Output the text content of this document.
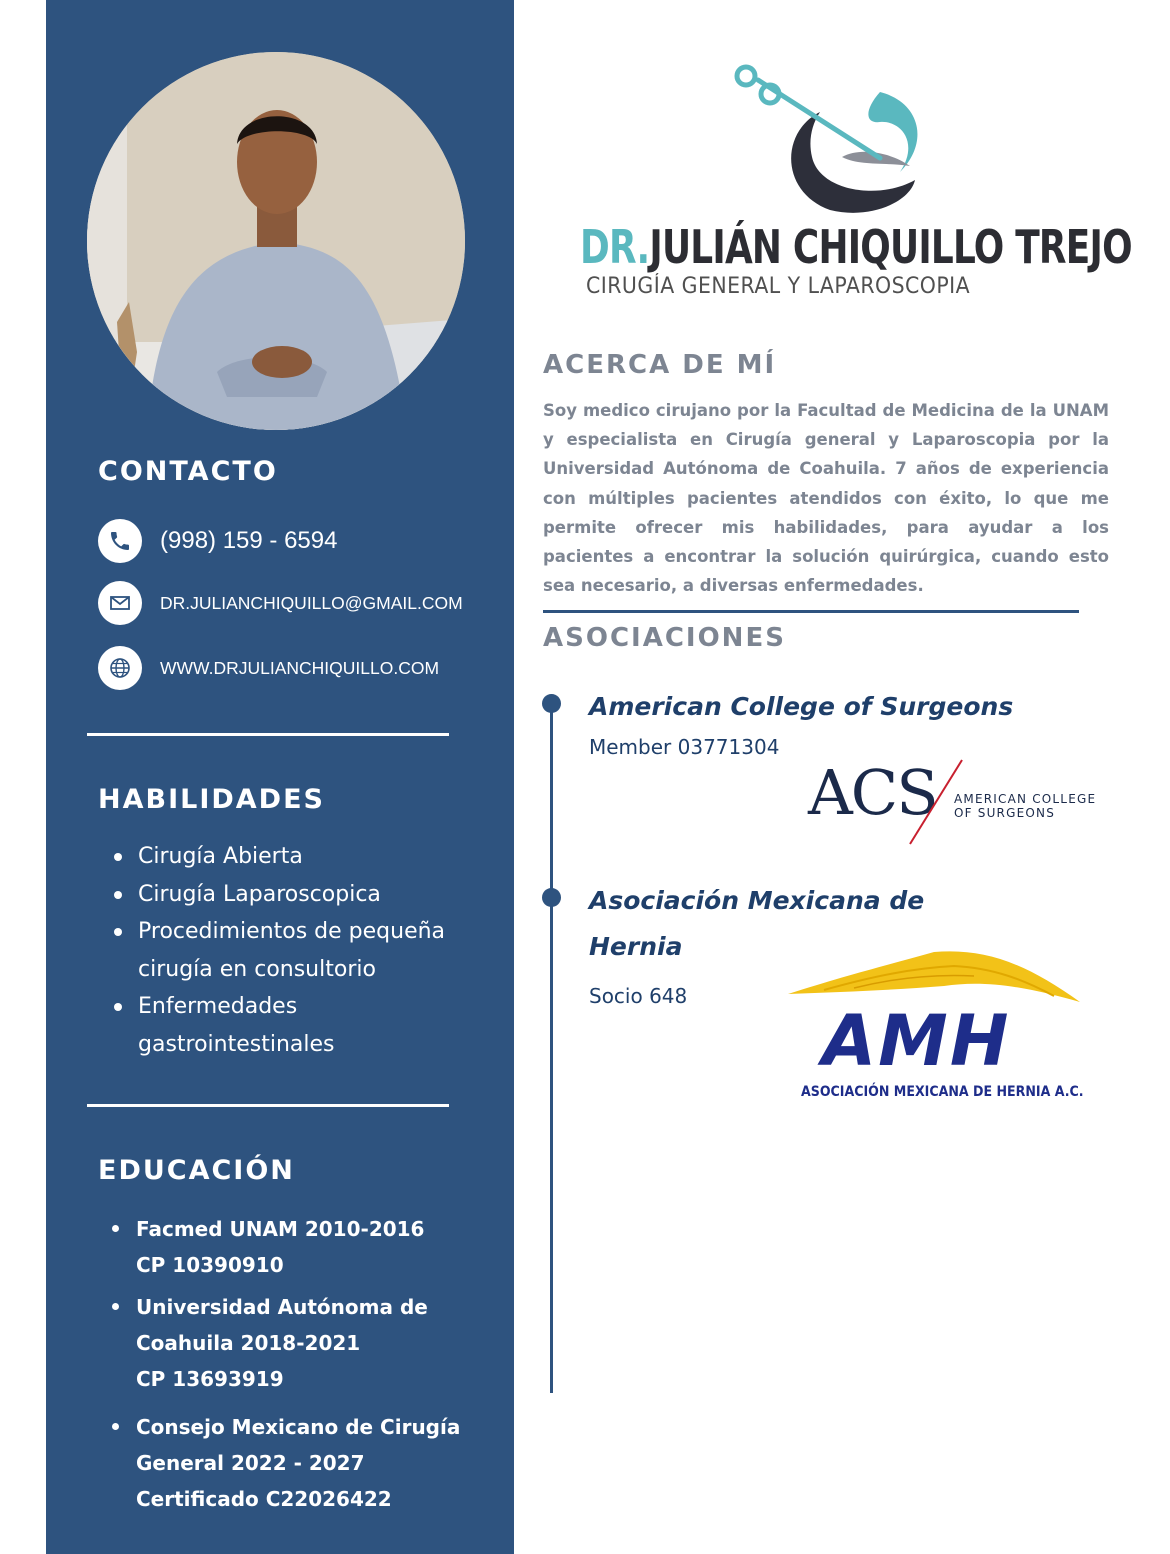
CONTACTO
(998) 159 - 6594
DR.JULIANCHIQUILLO@GMAIL.COM
WWW.DRJULIANCHIQUILLO.COM
HABILIDADES
Cirugía Abierta
Cirugía Laparoscopica
Procedimientos de pequeña cirugía en consultorio
Enfermedades gastrointestinales
EDUCACIÓN
Facmed UNAM 2010-2016
CP 10390910
Universidad Autónoma de Coahuila 2018-2021
CP 13693919
Consejo Mexicano de Cirugía General 2022 - 2027
Certificado C22026422
DR.JULIÁN CHIQUILLO TREJO
CIRUGÍA GENERAL Y LAPAROSCOPIA
ACERCA DE MÍ
Soy medico cirujano por la Facultad de Medicina de la UNAM y especialista en Cirugía general y Laparoscopia por la Universidad Autónoma de Coahuila. 7 años de experiencia con múltiples pacientes atendidos con éxito, lo que me permite ofrecer mis habilidades, para ayudar a los pacientes a encontrar la solución quirúrgica, cuando esto sea necesario, a diversas enfermedades.
ASOCIACIONES
American College of Surgeons
Member 03771304
ACS AMERICAN COLLEGE
OF SURGEONS
Asociación Mexicana de Hernia
Socio 648
AMH
ASOCIACIÓN MEXICANA DE HERNIA A.C.
